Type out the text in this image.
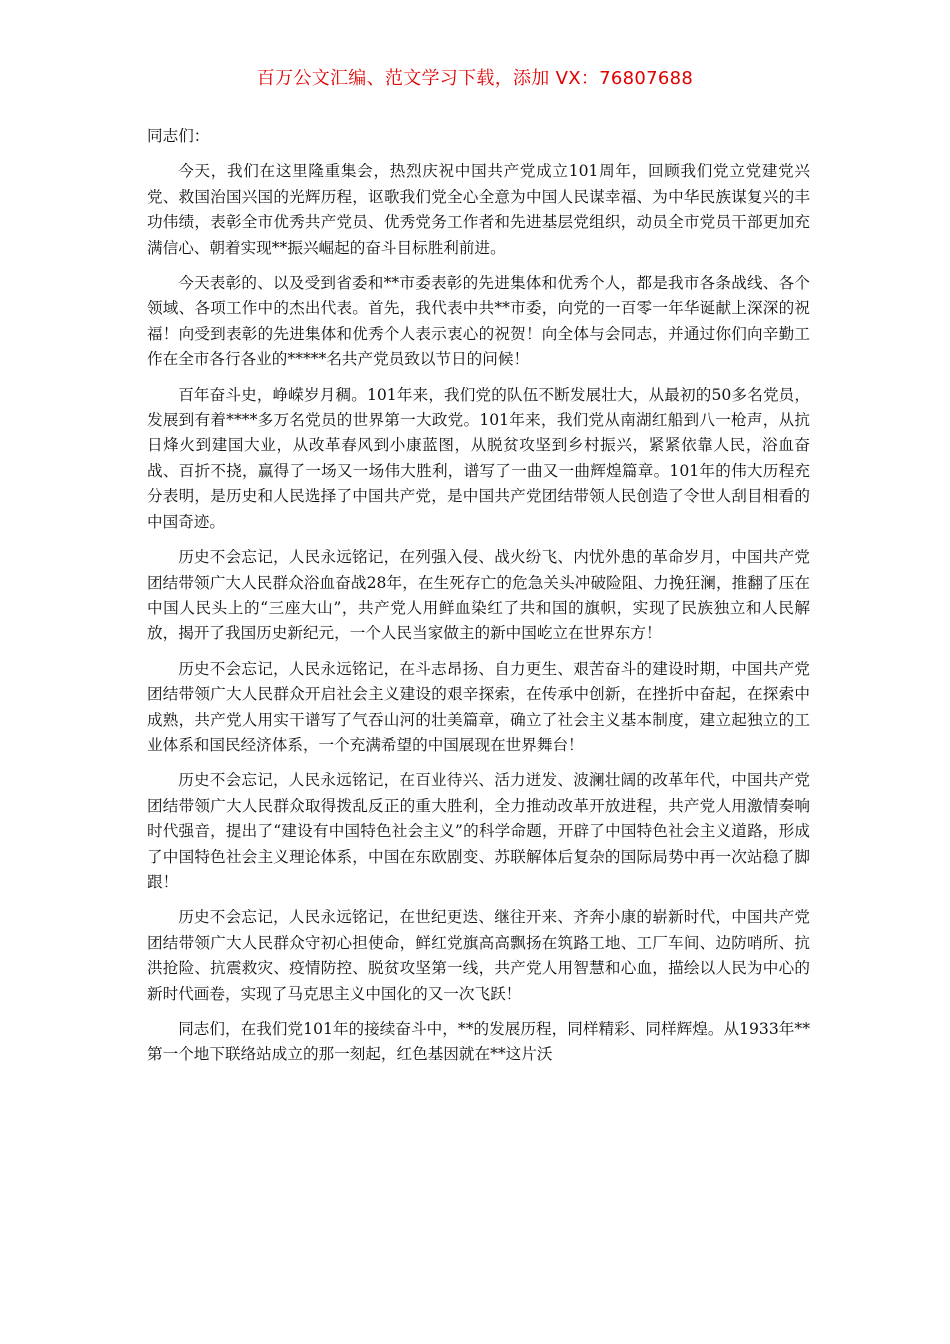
百万公文汇编、范文学习下载，添加 VX：76807688

同志们：

今天，我们在这里隆重集会，热烈庆祝中国共产党成立101周年，回顾我们党立党建党兴党、救国治国兴国的光辉历程，讴歌我们党全心全意为中国人民谋幸福、为中华民族谋复兴的丰功伟绩，表彰全市优秀共产党员、优秀党务工作者和先进基层党组织，动员全市党员干部更加充满信心、朝着实现**振兴崛起的奋斗目标胜利前进。

今天表彰的、以及受到省委和**市委表彰的先进集体和优秀个人，都是我市各条战线、各个领域、各项工作中的杰出代表。首先，我代表中共**市委，向党的一百零一年华诞献上深深的祝福！向受到表彰的先进集体和优秀个人表示衷心的祝贺！向全体与会同志，并通过你们向辛勤工作在全市各行各业的*****名共产党员致以节日的问候！

百年奋斗史，峥嵘岁月稠。101年来，我们党的队伍不断发展壮大，从最初的50多名党员，发展到有着****多万名党员的世界第一大政党。101年来，我们党从南湖红船到八一枪声，从抗日烽火到建国大业，从改革春风到小康蓝图，从脱贫攻坚到乡村振兴，紧紧依靠人民，浴血奋战、百折不挠，赢得了一场又一场伟大胜利，谱写了一曲又一曲辉煌篇章。101年的伟大历程充分表明，是历史和人民选择了中国共产党，是中国共产党团结带领人民创造了令世人刮目相看的中国奇迹。

历史不会忘记，人民永远铭记，在列强入侵、战火纷飞、内忧外患的革命岁月，中国共产党团结带领广大人民群众浴血奋战28年，在生死存亡的危急关头冲破险阻、力挽狂澜，推翻了压在中国人民头上的“三座大山”，共产党人用鲜血染红了共和国的旗帜，实现了民族独立和人民解放，揭开了我国历史新纪元，一个人民当家做主的新中国屹立在世界东方！

历史不会忘记，人民永远铭记，在斗志昂扬、自力更生、艰苦奋斗的建设时期，中国共产党团结带领广大人民群众开启社会主义建设的艰辛探索，在传承中创新，在挫折中奋起，在探索中成熟，共产党人用实干谱写了气吞山河的壮美篇章，确立了社会主义基本制度，建立起独立的工业体系和国民经济体系，一个充满希望的中国展现在世界舞台！

历史不会忘记，人民永远铭记，在百业待兴、活力迸发、波澜壮阔的改革年代，中国共产党团结带领广大人民群众取得拨乱反正的重大胜利，全力推动改革开放进程，共产党人用激情奏响时代强音，提出了“建设有中国特色社会主义”的科学命题，开辟了中国特色社会主义道路，形成了中国特色社会主义理论体系，中国在东欧剧变、苏联解体后复杂的国际局势中再一次站稳了脚跟！

历史不会忘记，人民永远铭记，在世纪更迭、继往开来、齐奔小康的崭新时代，中国共产党团结带领广大人民群众守初心担使命，鲜红党旗高高飘扬在筑路工地、工厂车间、边防哨所、抗洪抢险、抗震救灾、疫情防控、脱贫攻坚第一线，共产党人用智慧和心血，描绘以人民为中心的新时代画卷，实现了马克思主义中国化的又一次飞跃！

同志们，在我们党101年的接续奋斗中，**的发展历程，同样精彩、同样辉煌。从1933年**第一个地下联络站成立的那一刻起，红色基因就在**这片沃
